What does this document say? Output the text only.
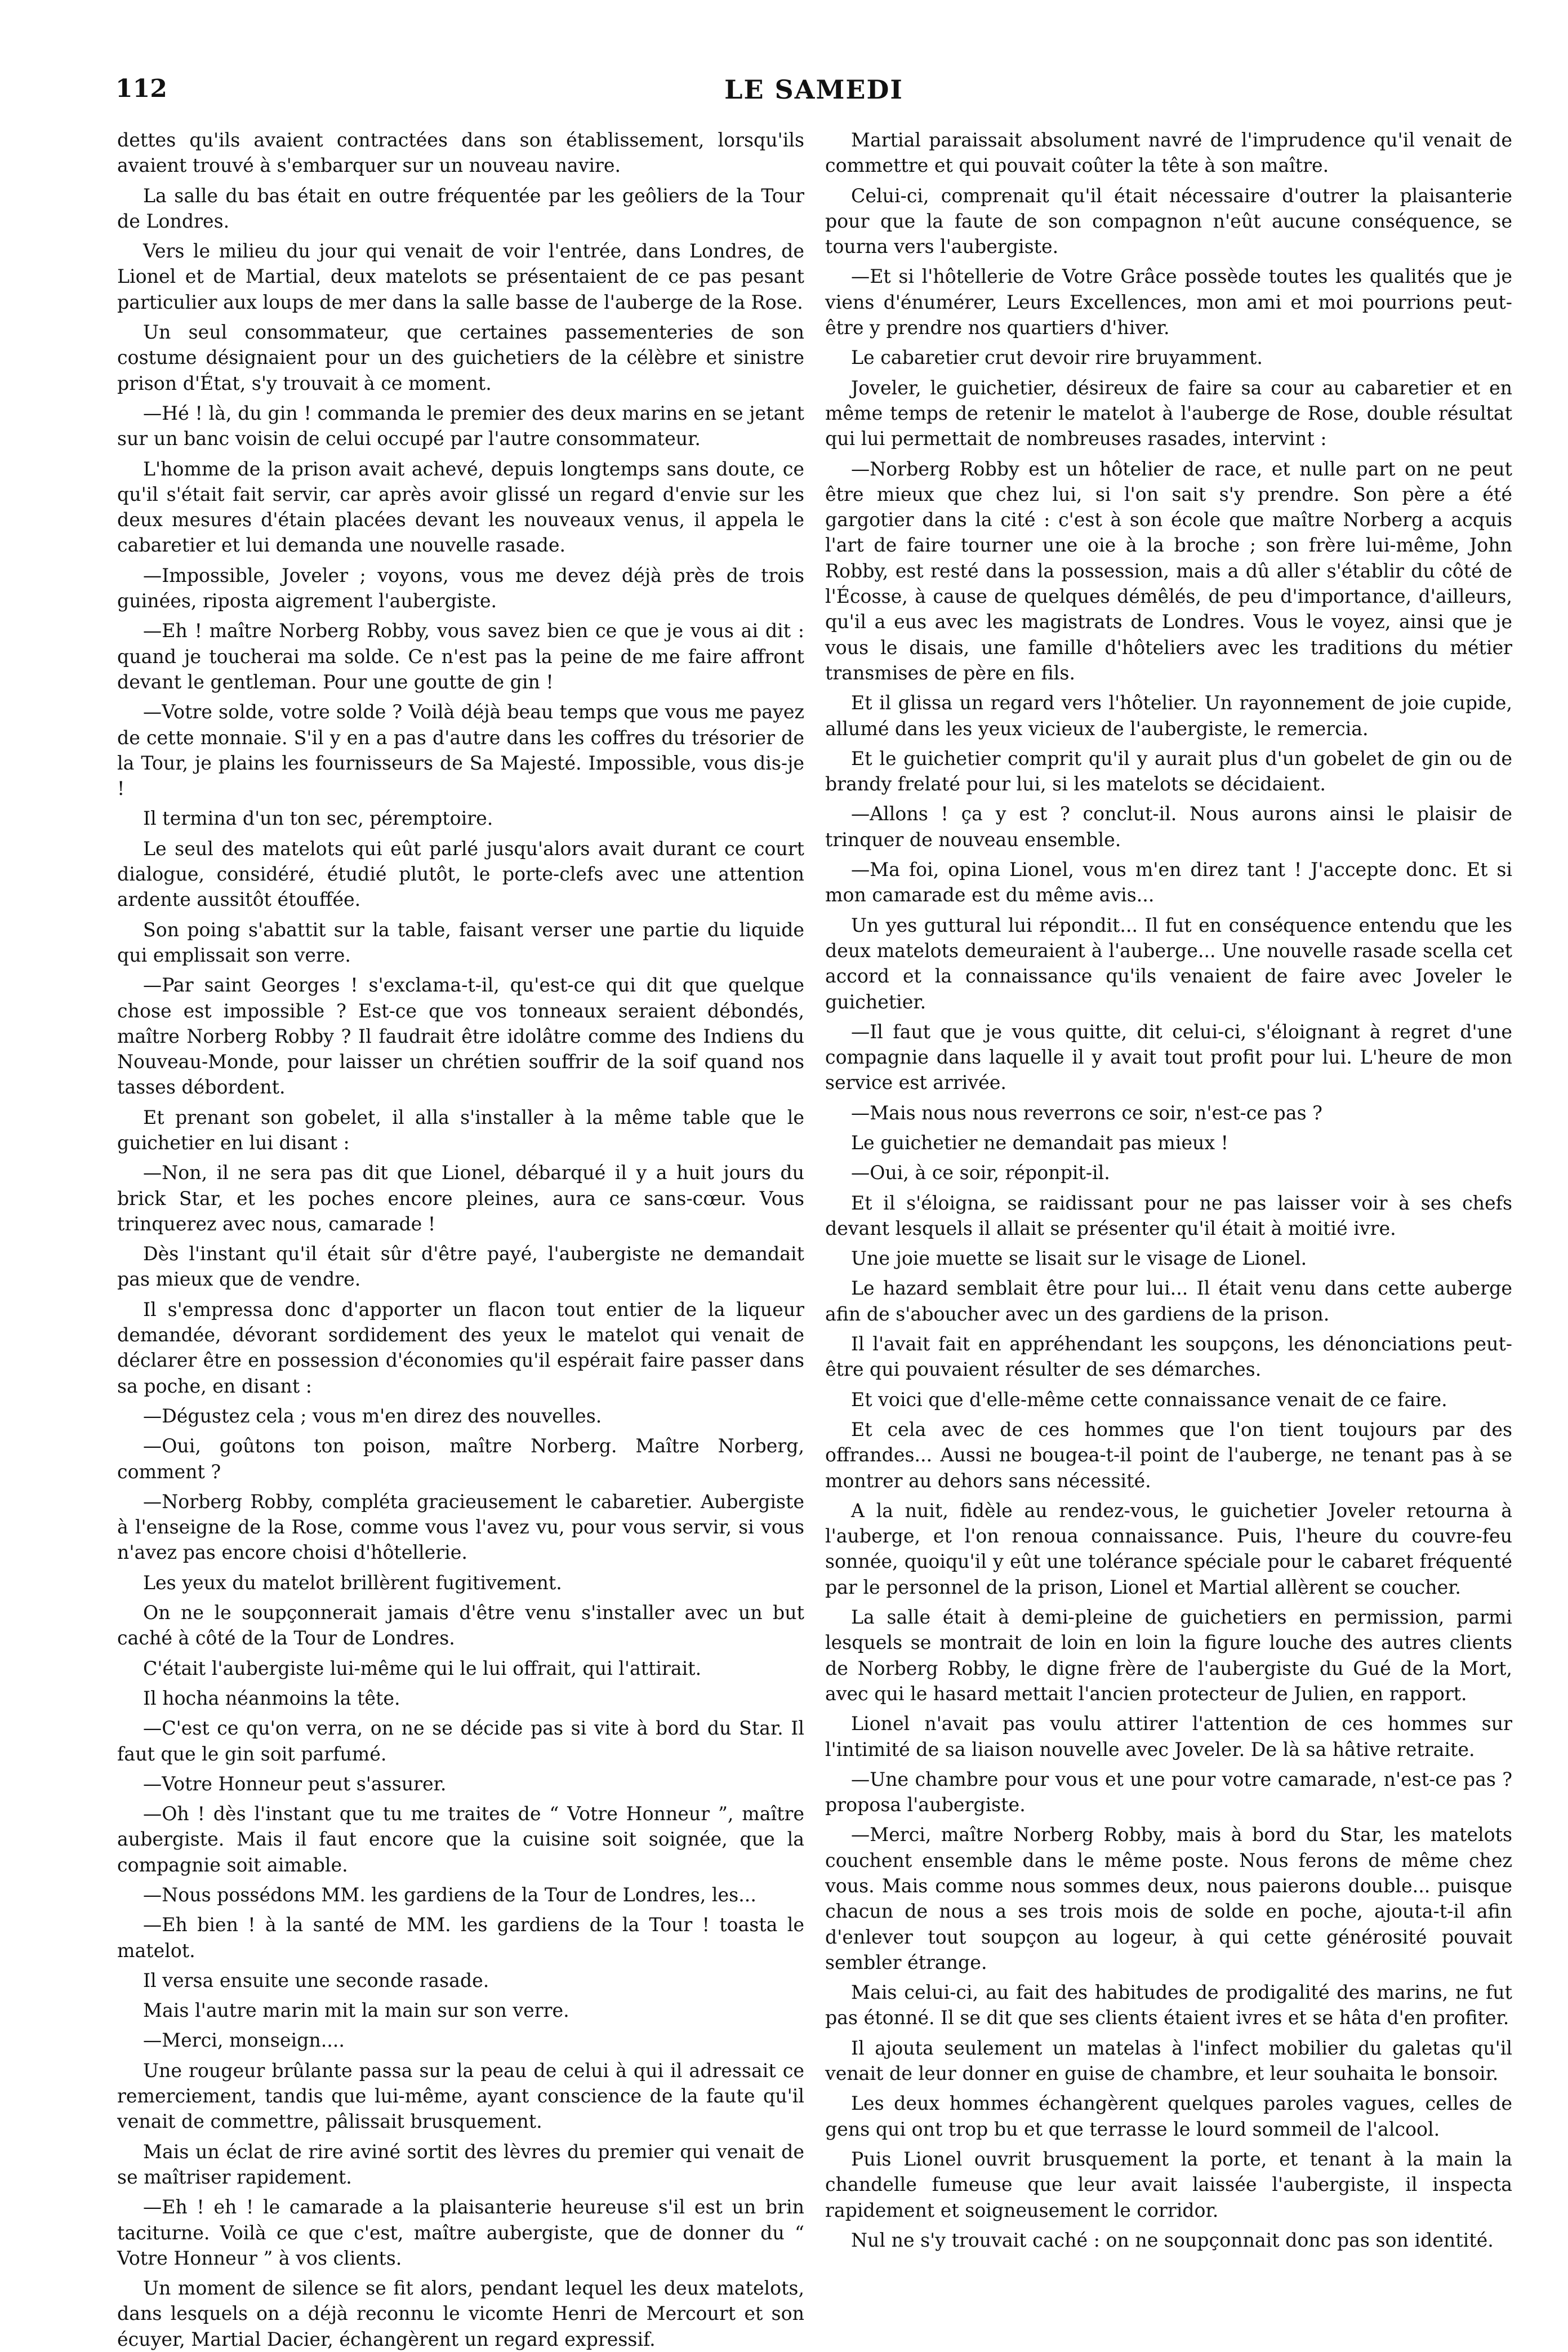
112	LE SAMEDI

dettes qu'ils avaient contractées dans son établissement, lorsqu'ils avaient trouvé à s'embarquer sur un nouveau navire.

La salle du bas était en outre fréquentée par les geôliers de la Tour de Londres.

Vers le milieu du jour qui venait de voir l'entrée, dans Londres, de Lionel et de Martial, deux matelots se présentaient de ce pas pesant particulier aux loups de mer dans la salle basse de l'auberge de la Rose.

Un seul consommateur, que certaines passementeries de son costume désignaient pour un des guichetiers de la célèbre et sinistre prison d'État, s'y trouvait à ce moment.

—Hé ! là, du gin ! commanda le premier des deux marins en se jetant sur un banc voisin de celui occupé par l'autre consommateur.

L'homme de la prison avait achevé, depuis longtemps sans doute, ce qu'il s'était fait servir, car après avoir glissé un regard d'envie sur les deux mesures d'étain placées devant les nouveaux venus, il appela le cabaretier et lui demanda une nouvelle rasade.

—Impossible, Joveler ; voyons, vous me devez déjà près de trois guinées, riposta aigrement l'aubergiste.

—Eh ! maître Norberg Robby, vous savez bien ce que je vous ai dit : quand je toucherai ma solde. Ce n'est pas la peine de me faire affront devant le gentleman. Pour une goutte de gin !

—Votre solde, votre solde ? Voilà déjà beau temps que vous me payez de cette monnaie. S'il y en a pas d'autre dans les coffres du trésorier de la Tour, je plains les fournisseurs de Sa Majesté. Impossible, vous dis-je !

Il termina d'un ton sec, péremptoire.

Le seul des matelots qui eût parlé jusqu'alors avait durant ce court dialogue, considéré, étudié plutôt, le porte-clefs avec une attention ardente aussitôt étouffée.

Son poing s'abattit sur la table, faisant verser une partie du liquide qui emplissait son verre.

—Par saint Georges ! s'exclama-t-il, qu'est-ce qui dit que quelque chose est impossible ? Est-ce que vos tonneaux seraient débondés, maître Norberg Robby ? Il faudrait être idolâtre comme des Indiens du Nouveau-Monde, pour laisser un chrétien souffrir de la soif quand nos tasses débordent.

Et prenant son gobelet, il alla s'installer à la même table que le guichetier en lui disant :

—Non, il ne sera pas dit que Lionel, débarqué il y a huit jours du brick Star, et les poches encore pleines, aura ce sans-cœur. Vous trinquerez avec nous, camarade !

Dès l'instant qu'il était sûr d'être payé, l'aubergiste ne demandait pas mieux que de vendre.

Il s'empressa donc d'apporter un flacon tout entier de la liqueur demandée, dévorant sordidement des yeux le matelot qui venait de déclarer être en possession d'économies qu'il espérait faire passer dans sa poche, en disant :

—Dégustez cela ; vous m'en direz des nouvelles.

—Oui, goûtons ton poison, maître Norberg. Maître Norberg, comment ?

—Norberg Robby, compléta gracieusement le cabaretier. Aubergiste à l'enseigne de la Rose, comme vous l'avez vu, pour vous servir, si vous n'avez pas encore choisi d'hôtellerie.

Les yeux du matelot brillèrent fugitivement.

On ne le soupçonnerait jamais d'être venu s'installer avec un but caché à côté de la Tour de Londres.

C'était l'aubergiste lui-même qui le lui offrait, qui l'attirait.

Il hocha néanmoins la tête.

—C'est ce qu'on verra, on ne se décide pas si vite à bord du Star. Il faut que le gin soit parfumé.

—Votre Honneur peut s'assurer.

—Oh ! dès l'instant que tu me traites de “ Votre Honneur ”, maître aubergiste. Mais il faut encore que la cuisine soit soignée, que la compagnie soit aimable.

—Nous possédons MM. les gardiens de la Tour de Londres, les...

—Eh bien ! à la santé de MM. les gardiens de la Tour ! toasta le matelot.

Il versa ensuite une seconde rasade.

Mais l'autre marin mit la main sur son verre.

—Merci, monseign....

Une rougeur brûlante passa sur la peau de celui à qui il adressait ce remerciement, tandis que lui-même, ayant conscience de la faute qu'il venait de commettre, pâlissait brusquement.

Mais un éclat de rire aviné sortit des lèvres du premier qui venait de se maîtriser rapidement.

—Eh ! eh ! le camarade a la plaisanterie heureuse s'il est un brin taciturne. Voilà ce que c'est, maître aubergiste, que de donner du “ Votre Honneur ” à vos clients.

Un moment de silence se fit alors, pendant lequel les deux matelots, dans lesquels on a déjà reconnu le vicomte Henri de Mercourt et son écuyer, Martial Dacier, échangèrent un regard expressif.

Martial paraissait absolument navré de l'imprudence qu'il venait de commettre et qui pouvait coûter la tête à son maître.

Celui-ci, comprenait qu'il était nécessaire d'outrer la plaisanterie pour que la faute de son compagnon n'eût aucune conséquence, se tourna vers l'aubergiste.

—Et si l'hôtellerie de Votre Grâce possède toutes les qualités que je viens d'énumérer, Leurs Excellences, mon ami et moi pourrions peut-être y prendre nos quartiers d'hiver.

Le cabaretier crut devoir rire bruyamment.

Joveler, le guichetier, désireux de faire sa cour au cabaretier et en même temps de retenir le matelot à l'auberge de Rose, double résultat qui lui permettait de nombreuses rasades, intervint :

—Norberg Robby est un hôtelier de race, et nulle part on ne peut être mieux que chez lui, si l'on sait s'y prendre. Son père a été gargotier dans la cité : c'est à son école que maître Norberg a acquis l'art de faire tourner une oie à la broche ; son frère lui-même, John Robby, est resté dans la possession, mais a dû aller s'établir du côté de l'Écosse, à cause de quelques démêlés, de peu d'importance, d'ailleurs, qu'il a eus avec les magistrats de Londres. Vous le voyez, ainsi que je vous le disais, une famille d'hôteliers avec les traditions du métier transmises de père en fils.

Et il glissa un regard vers l'hôtelier. Un rayonnement de joie cupide, allumé dans les yeux vicieux de l'aubergiste, le remercia.

Et le guichetier comprit qu'il y aurait plus d'un gobelet de gin ou de brandy frelaté pour lui, si les matelots se décidaient.

—Allons ! ça y est ? conclut-il. Nous aurons ainsi le plaisir de trinquer de nouveau ensemble.

—Ma foi, opina Lionel, vous m'en direz tant ! J'accepte donc. Et si mon camarade est du même avis...

Un yes guttural lui répondit... Il fut en conséquence entendu que les deux matelots demeuraient à l'auberge... Une nouvelle rasade scella cet accord et la connaissance qu'ils venaient de faire avec Joveler le guichetier.

—Il faut que je vous quitte, dit celui-ci, s'éloignant à regret d'une compagnie dans laquelle il y avait tout profit pour lui. L'heure de mon service est arrivée.

—Mais nous nous reverrons ce soir, n'est-ce pas ?

Le guichetier ne demandait pas mieux !

—Oui, à ce soir, réponpit-il.

Et il s'éloigna, se raidissant pour ne pas laisser voir à ses chefs devant lesquels il allait se présenter qu'il était à moitié ivre.

Une joie muette se lisait sur le visage de Lionel.

Le hazard semblait être pour lui... Il était venu dans cette auberge afin de s'aboucher avec un des gardiens de la prison.

Il l'avait fait en appréhendant les soupçons, les dénonciations peut-être qui pouvaient résulter de ses démarches.

Et voici que d'elle-même cette connaissance venait de ce faire.

Et cela avec de ces hommes que l'on tient toujours par des offrandes... Aussi ne bougea-t-il point de l'auberge, ne tenant pas à se montrer au dehors sans nécessité.

A la nuit, fidèle au rendez-vous, le guichetier Joveler retourna à l'auberge, et l'on renoua connaissance. Puis, l'heure du couvre-feu sonnée, quoiqu'il y eût une tolérance spéciale pour le cabaret fréquenté par le personnel de la prison, Lionel et Martial allèrent se coucher.

La salle était à demi-pleine de guichetiers en permission, parmi lesquels se montrait de loin en loin la figure louche des autres clients de Norberg Robby, le digne frère de l'aubergiste du Gué de la Mort, avec qui le hasard mettait l'ancien protecteur de Julien, en rapport.

Lionel n'avait pas voulu attirer l'attention de ces hommes sur l'intimité de sa liaison nouvelle avec Joveler. De là sa hâtive retraite.

—Une chambre pour vous et une pour votre camarade, n'est-ce pas ? proposa l'aubergiste.

—Merci, maître Norberg Robby, mais à bord du Star, les matelots couchent ensemble dans le même poste. Nous ferons de même chez vous. Mais comme nous sommes deux, nous paierons double... puisque chacun de nous a ses trois mois de solde en poche, ajouta-t-il afin d'enlever tout soupçon au logeur, à qui cette générosité pouvait sembler étrange.

Mais celui-ci, au fait des habitudes de prodigalité des marins, ne fut pas étonné. Il se dit que ses clients étaient ivres et se hâta d'en profiter.

Il ajouta seulement un matelas à l'infect mobilier du galetas qu'il venait de leur donner en guise de chambre, et leur souhaita le bonsoir.

Les deux hommes échangèrent quelques paroles vagues, celles de gens qui ont trop bu et que terrasse le lourd sommeil de l'alcool.

Puis Lionel ouvrit brusquement la porte, et tenant à la main la chandelle fumeuse que leur avait laissée l'aubergiste, il inspecta rapidement et soigneusement le corridor.

Nul ne s'y trouvait caché : on ne soupçonnait donc pas son identité.
